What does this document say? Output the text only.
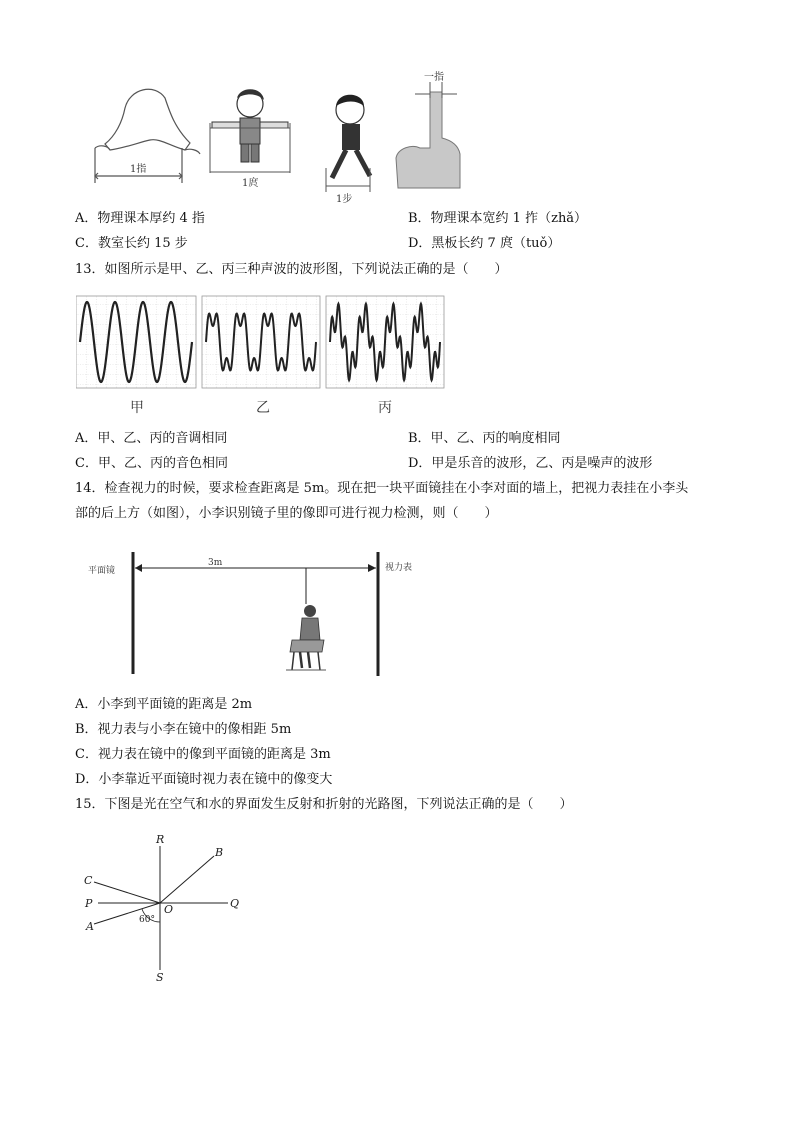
1指
1庹
1步
一指
A．物理课本厚约 4 指	B．物理课本宽约 1 拃（zhǎ）
C．教室长约 15 步	D．黑板长约 7 庹（tuǒ）
13．如图所示是甲、乙、丙三种声波的波形图，下列说法正确的是（　　）
甲	乙	丙
A．甲、乙、丙的音调相同	B．甲、乙、丙的响度相同
C．甲、乙、丙的音色相同	D．甲是乐音的波形，乙、丙是噪声的波形
14．检查视力的时候，要求检查距离是 5m。现在把一块平面镜挂在小李对面的墙上，把视力表挂在小李头
部的后上方（如图），小李识别镜子里的像即可进行视力检测，则（　　）
平面镜
3m	视力表
A．小李到平面镜的距离是 2m
B．视力表与小李在镜中的像相距 5m
C．视力表在镜中的像到平面镜的距离是 3m
D．小李靠近平面镜时视力表在镜中的像变大
15．下图是光在空气和水的界面发生反射和折射的光路图，下列说法正确的是（　　）
R
B
C
P	O	Q
A	60°
S
